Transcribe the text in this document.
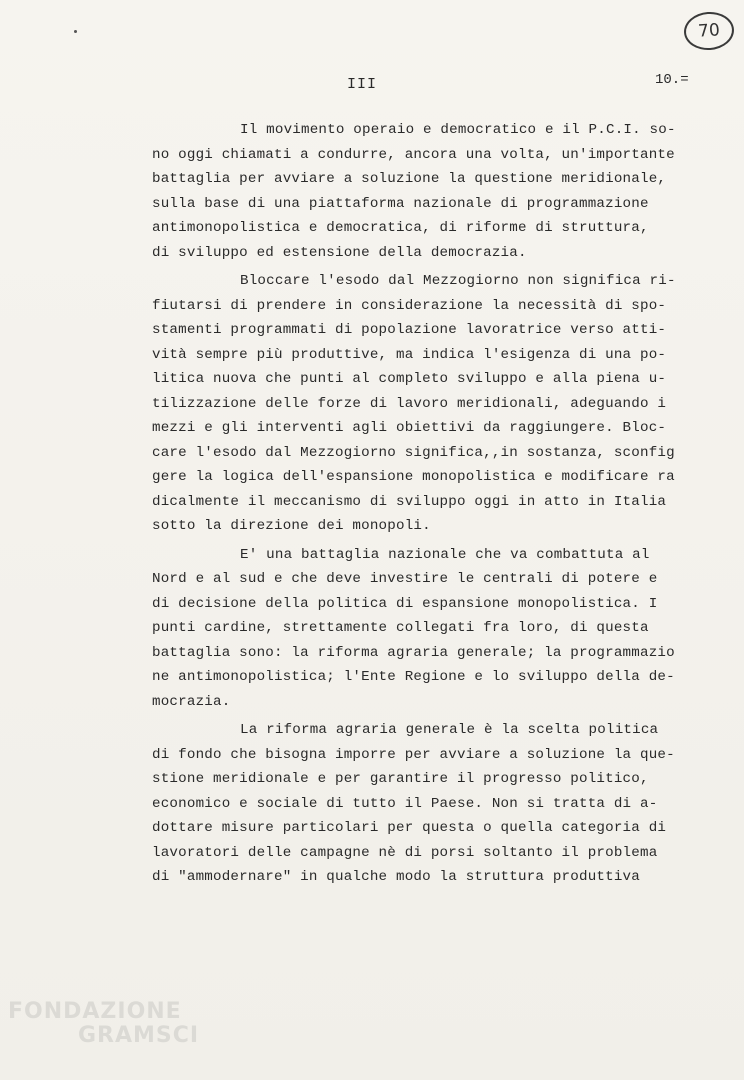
70
III	10.=

Il movimento operaio e democratico e il P.C.I. so-
no oggi chiamati a condurre, ancora una volta, un'importante
battaglia per avviare a soluzione la questione meridionale,
sulla base di una piattaforma nazionale di programmazione
antimonopolistica e democratica, di riforme di struttura,
di sviluppo ed estensione della democrazia.

Bloccare l'esodo dal Mezzogiorno non significa ri-
fiutarsi di prendere in considerazione la necessità di spo-
stamenti programmati di popolazione lavoratrice verso atti-
vità sempre più produttive, ma indica l'esigenza di una po-
litica nuova che punti al completo sviluppo e alla piena u-
tilizzazione delle forze di lavoro meridionali, adeguando i
mezzi e gli interventi agli obiettivi da raggiungere. Bloc-
care l'esodo dal Mezzogiorno significa,,in sostanza, sconfig
gere la logica dell'espansione monopolistica e modificare ra
dicalmente il meccanismo di sviluppo oggi in atto in Italia
sotto la direzione dei monopoli.

E' una battaglia nazionale che va combattuta al
Nord e al sud e che deve investire le centrali di potere e
di decisione della politica di espansione monopolistica. I
punti cardine, strettamente collegati fra loro, di questa
battaglia sono: la riforma agraria generale; la programmazio
ne antimonopolistica; l'Ente Regione e lo sviluppo della de-
mocrazia.

La riforma agraria generale è la scelta politica
di fondo che bisogna imporre per avviare a soluzione la que-
stione meridionale e per garantire il progresso politico,
economico e sociale di tutto il Paese. Non si tratta di a-
dottare misure particolari per questa o quella categoria di
lavoratori delle campagne nè di porsi soltanto il problema
di "ammodernare" in qualche modo la struttura produttiva

FONDAZIONE
GRAMSCI
